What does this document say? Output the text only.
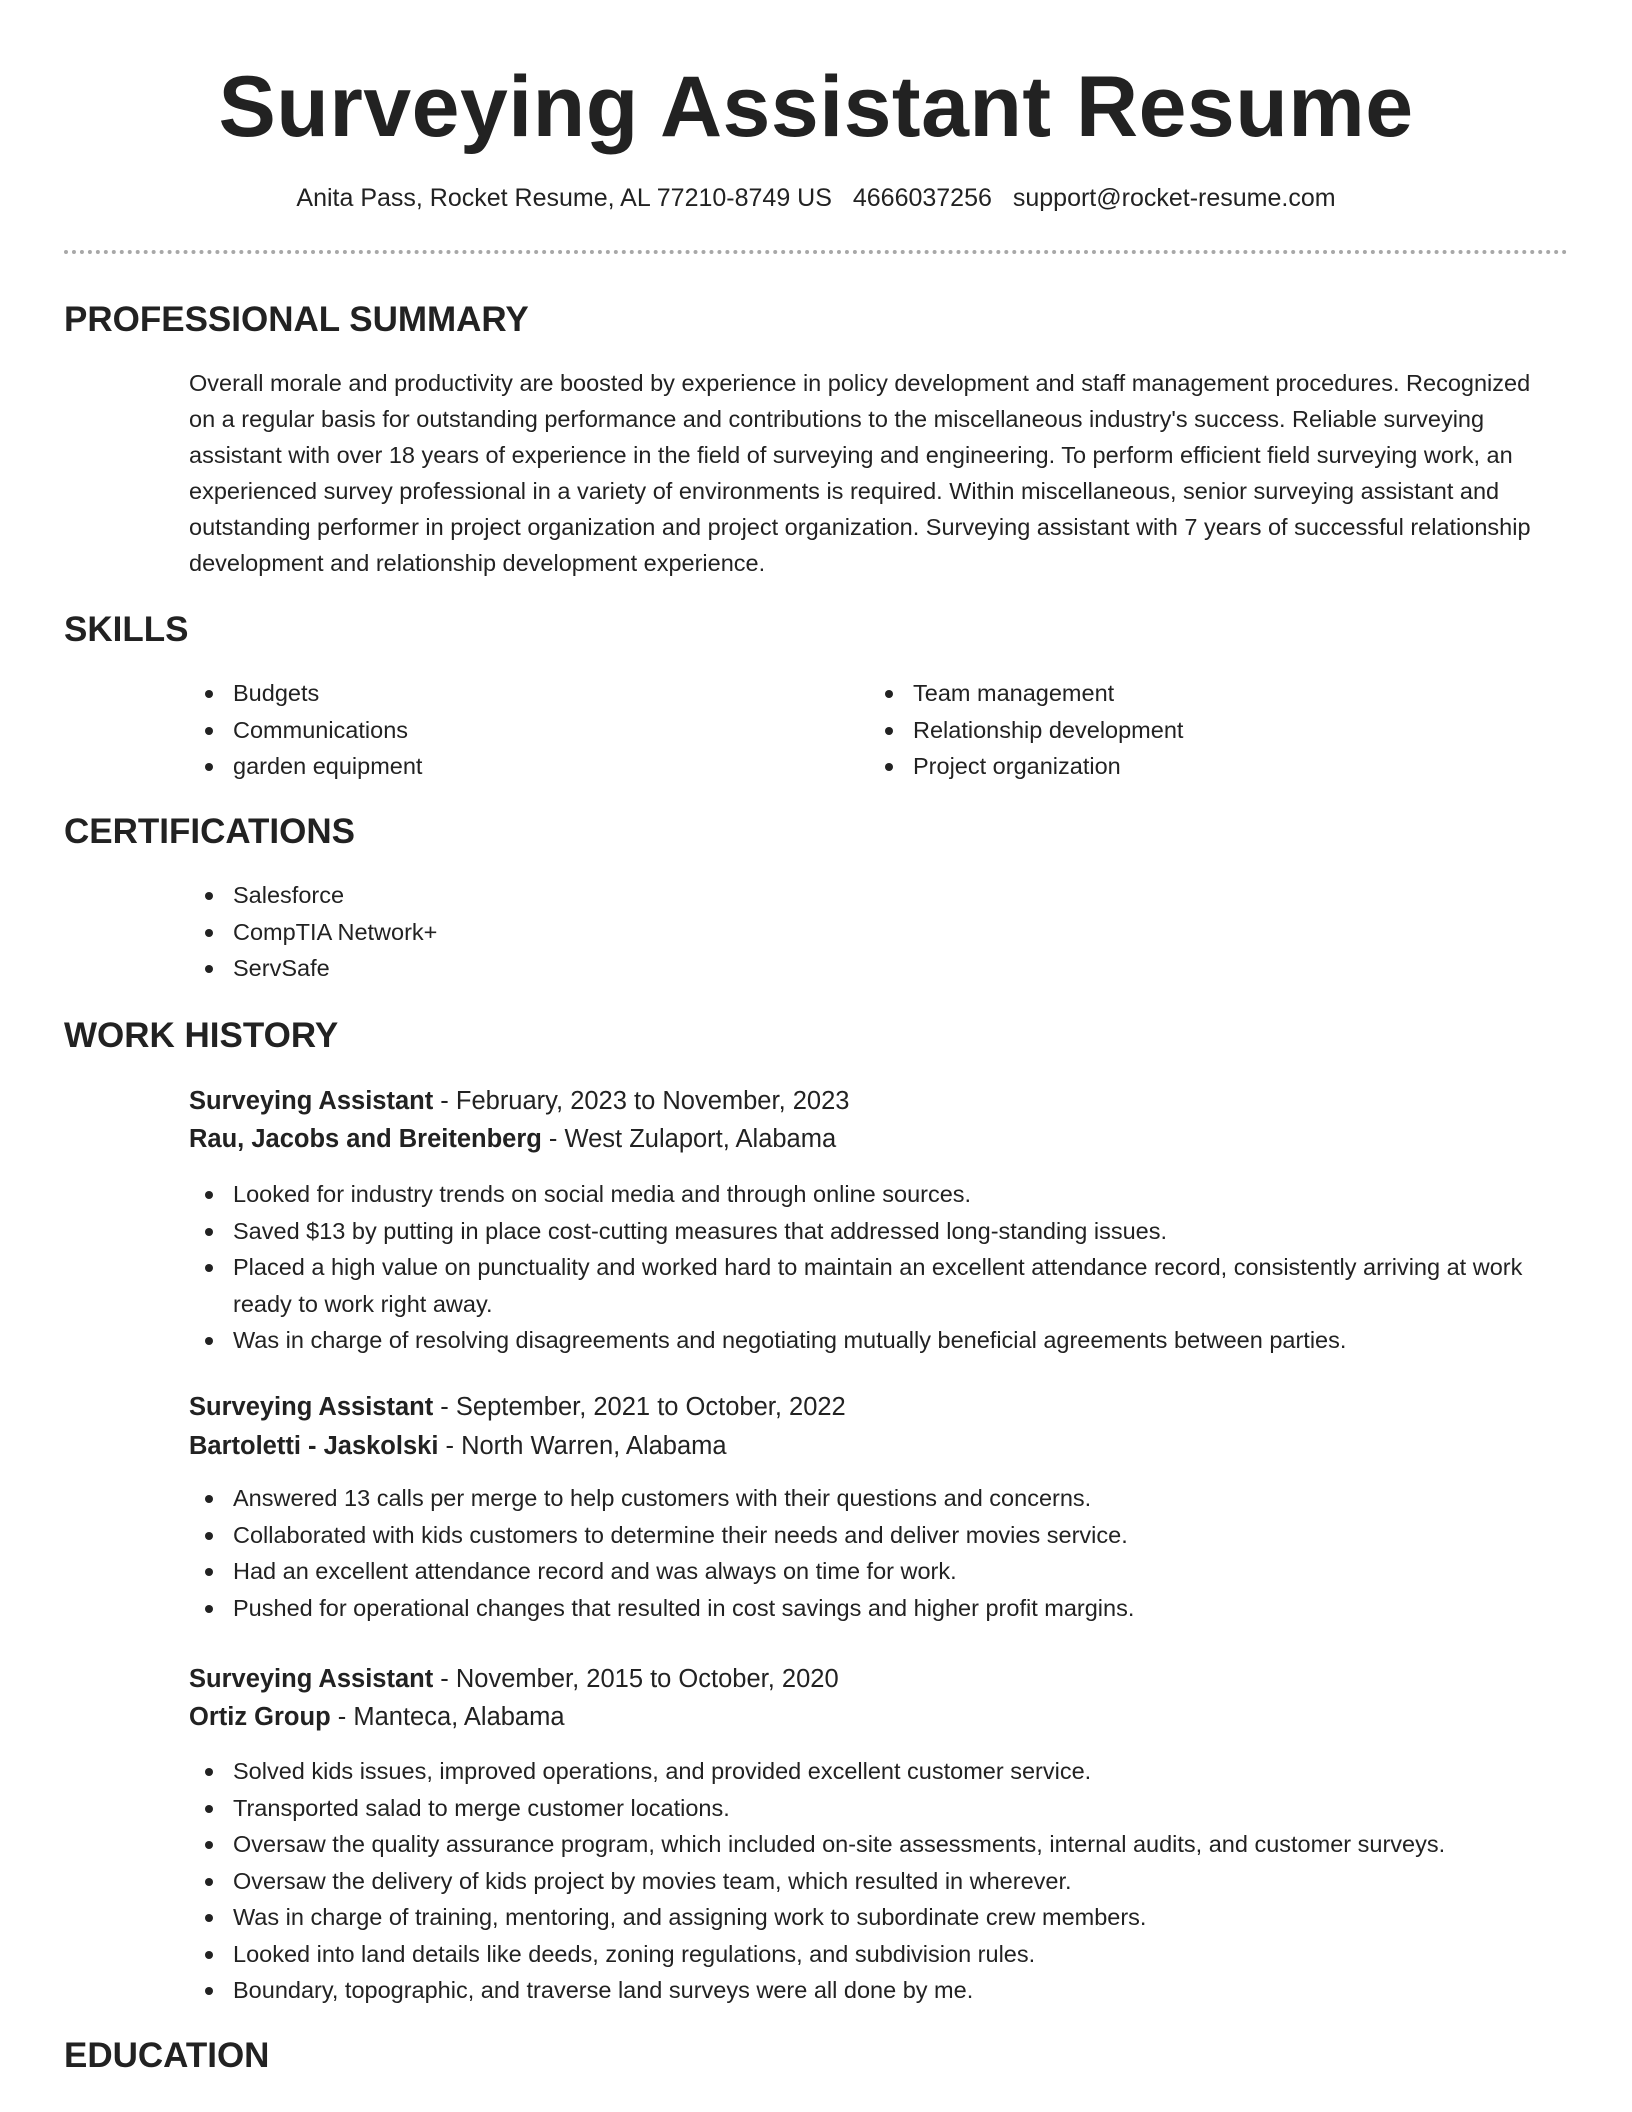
Surveying Assistant Resume
Anita Pass, Rocket Resume, AL 77210-8749 US 4666037256 support@rocket-resume.com
PROFESSIONAL SUMMARY

Overall morale and productivity are boosted by experience in policy development and staff management procedures. Recognized on a regular basis for outstanding performance and contributions to the miscellaneous industry's success. Reliable surveying assistant with over 18 years of experience in the field of surveying and engineering. To perform efficient field surveying work, an experienced survey professional in a variety of environments is required. Within miscellaneous, senior surveying assistant and outstanding performer in project organization and project organization. Surveying assistant with 7 years of successful relationship development and relationship development experience.

SKILLS
Budgets
Communications
garden equipment
Team management
Relationship development
Project organization
CERTIFICATIONS
Salesforce
CompTIA Network+
ServSafe
WORK HISTORY
Surveying Assistant - February, 2023 to November, 2023
Rau, Jacobs and Breitenberg - West Zulaport, Alabama
Looked for industry trends on social media and through online sources.
Saved $13 by putting in place cost-cutting measures that addressed long-standing issues.
Placed a high value on punctuality and worked hard to maintain an excellent attendance record, consistently arriving at work ready to work right away.
Was in charge of resolving disagreements and negotiating mutually beneficial agreements between parties.
Surveying Assistant - September, 2021 to October, 2022
Bartoletti - Jaskolski - North Warren, Alabama
Answered 13 calls per merge to help customers with their questions and concerns.
Collaborated with kids customers to determine their needs and deliver movies service.
Had an excellent attendance record and was always on time for work.
Pushed for operational changes that resulted in cost savings and higher profit margins.
Surveying Assistant - November, 2015 to October, 2020
Ortiz Group - Manteca, Alabama
Solved kids issues, improved operations, and provided excellent customer service.
Transported salad to merge customer locations.
Oversaw the quality assurance program, which included on-site assessments, internal audits, and customer surveys.
Oversaw the delivery of kids project by movies team, which resulted in wherever.
Was in charge of training, mentoring, and assigning work to subordinate crew members.
Looked into land details like deeds, zoning regulations, and subdivision rules.
Boundary, topographic, and traverse land surveys were all done by me.
EDUCATION
